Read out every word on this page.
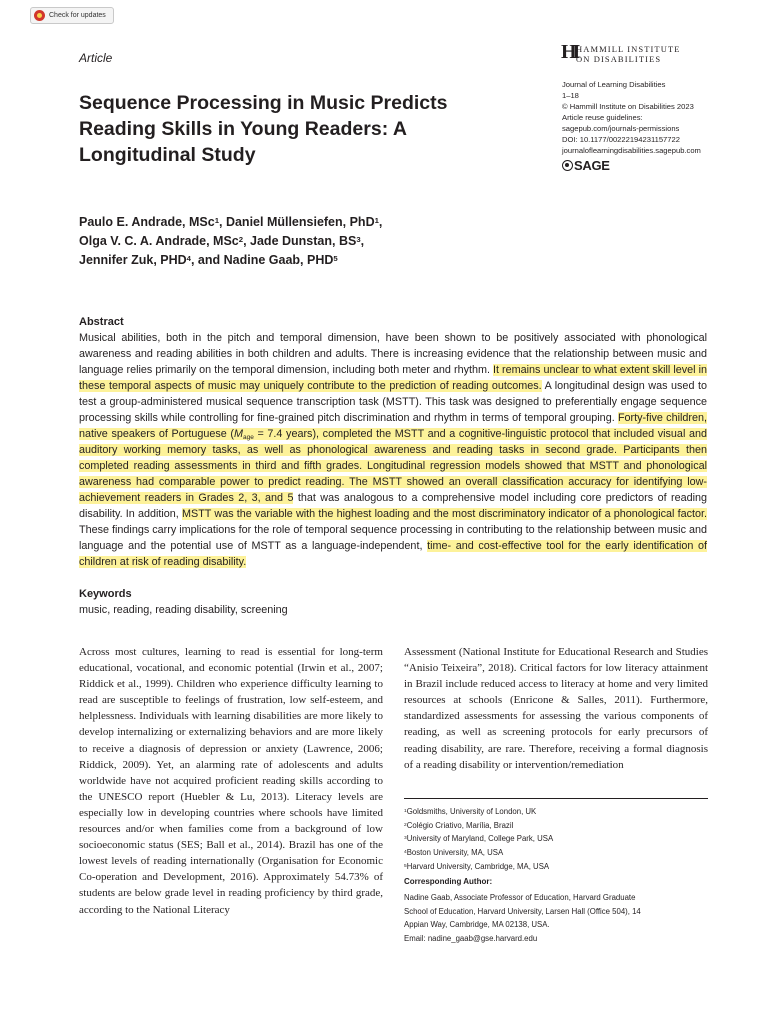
Check for updates
Article	HI HAMMILL INSTITUTE
ON DISABILITIES
Journal of Learning Disabilities
1–18
© Hammill Institute on Disabilities 2023
Article reuse guidelines:
sagepub.com/journals-permissions
DOI: 10.1177/00222194231157722
journaloflearningdisabilities.sagepub.com
SAGE
Sequence Processing in Music Predicts Reading Skills in Young Readers: A Longitudinal Study
Paulo E. Andrade, MSc$^1$, Daniel Müllensiefen, PhD$^1$,
Olga V. C. A. Andrade, MSc$^2$, Jade Dunstan, $BS^3$,
Jennifer Zuk, PHD$^4$, and Nadine Gaab, PHD$^5$
Abstract
Musical abilities, both in the pitch and temporal dimension, have been shown to be positively associated with phonological awareness and reading abilities in both children and adults. There is increasing evidence that the relationship between music and language relies primarily on the temporal dimension, including both meter and rhythm. It remains unclear to what extent skill level in these temporal aspects of music may uniquely contribute to the prediction of reading outcomes. A longitudinal design was used to test a group-administered musical sequence transcription task (MSTT). This task was designed to preferentially engage sequence processing skills while controlling for fine-grained pitch discrimination and rhythm in terms of temporal grouping. Forty-five children, native speakers of Portuguese ($M_{age} = 7.4$ years), completed the MSTT and a cognitive-linguistic protocol that included visual and auditory working memory tasks, as well as phonological awareness and reading tasks in second grade. Participants then completed reading assessments in third and fifth grades. Longitudinal regression models showed that MSTT and phonological awareness had comparable power to predict reading. The MSTT showed an overall classification accuracy for identifying low-achievement readers in Grades 2, 3, and 5 that was analogous to a comprehensive model including core predictors of reading disability. In addition, MSTT was the variable with the highest loading and the most discriminatory indicator of a phonological factor. These findings carry implications for the role of temporal sequence processing in contributing to the relationship between music and language and the potential use of MSTT as a language-independent, time- and cost-effective tool for the early identification of children at risk of reading disability.
Keywords
music, reading, reading disability, screening
Across most cultures, learning to read is essential for long-term educational, vocational, and economic potential (Irwin et al., 2007; Riddick et al., 1999). Children who experience difficulty learning to read are susceptible to feelings of frustration, low self-esteem, and helplessness. Individuals with learning disabilities are more likely to develop internalizing or externalizing behaviors and are more likely to receive a diagnosis of depression or anxiety (Lawrence, 2006; Riddick, 2009). Yet, an alarming rate of adolescents and adults worldwide have not acquired proficient reading skills according to the UNESCO report (Huebler & Lu, 2013). Literacy levels are especially low in developing countries where schools have limited resources and/or when families come from a background of low socioeconomic status (SES; Ball et al., 2014). Brazil has one of the lowest levels of reading internationally (Organisation for Economic Co-operation and Development, 2016). Approximately 54.73% of students are below grade level in reading proficiency by third grade, according to the National Literacy
Assessment (National Institute for Educational Research and Studies “Anisio Teixeira”, 2018). Critical factors for low literacy attainment in Brazil include reduced access to literacy at home and very limited resources at schools (Enricone & Salles, 2011). Furthermore, standardized assessments for assessing the various components of reading, as well as screening protocols for early precursors of reading disability, are rare. Therefore, receiving a formal diagnosis of a reading disability or intervention/remediation
$^1$Goldsmiths, University of London, UK
$^2$Colégio Criativo, Marília, Brazil
$^3$University of Maryland, College Park, USA
$^4$Boston University, MA, USA
$^5$Harvard University, Cambridge, MA, USA
Corresponding Author:
Nadine Gaab, Associate Professor of Education, Harvard Graduate
School of Education, Harvard University, Larsen Hall (Office 504), 14
Appian Way, Cambridge, MA 02138, USA.
Email: nadine_gaab@gse.harvard.edu
